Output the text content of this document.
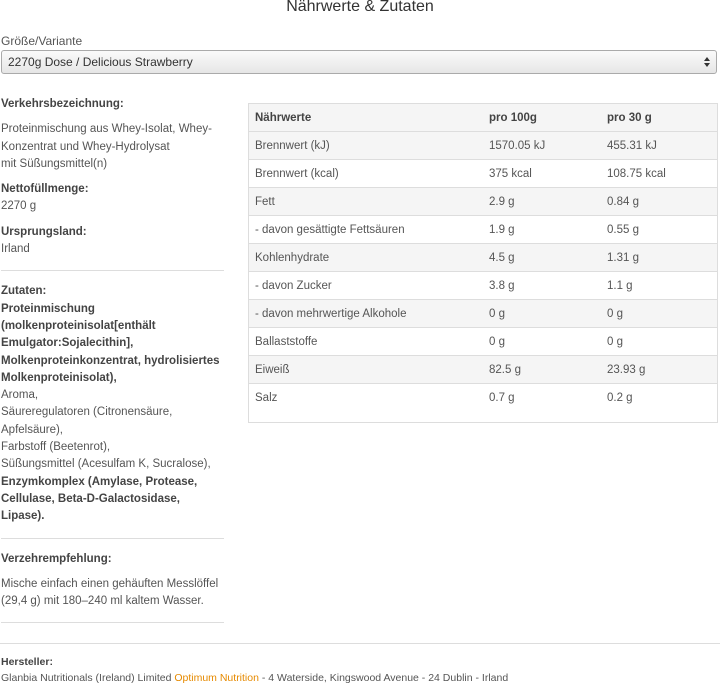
Nährwerte & Zutaten
Größe/Variante
2270g Dose / Delicious Strawberry
Verkehrsbezeichnung:
Proteinmischung aus Whey-Isolat, Whey-
Konzentrat und Whey-Hydrolysat
mit Süßungsmittel(n)
Nettofüllmenge:
2270 g
Ursprungsland:
Irland
Zutaten:
Proteinmischung
(molkenproteinisolat[enthält
Emulgator:Sojalecithin],
Molkenproteinkonzentrat, hydrolisiertes
Molkenproteinisolat),
Aroma,
Säureregulatoren (Citronensäure,
Apfelsäure),
Farbstoff (Beetenrot),
Süßungsmittel (Acesulfam K, Sucralose),
Enzymkomplex (Amylase, Protease,
Cellulase, Beta-D-Galactosidase, Lipase).
Verzehrempfehlung:
Mische einfach einen gehäuften Messlöffel
(29,4 g) mit 180–240 ml kaltem Wasser.
Nährwerte	pro 100g	pro 30 g
Brennwert (kJ)	1570.05 kJ	455.31 kJ
Brennwert (kcal)	375 kcal	108.75 kcal
Fett	2.9 g	0.84 g
- davon gesättigte Fettsäuren	1.9 g	0.55 g
Kohlenhydrate	4.5 g	1.31 g
- davon Zucker	3.8 g	1.1 g
- davon mehrwertige Alkohole	0 g	0 g
Ballaststoffe	0 g	0 g
Eiweiß	82.5 g	23.93 g
Salz	0.7 g	0.2 g
Hersteller:
Glanbia Nutritionals (Ireland) Limited Optimum Nutrition - 4 Waterside, Kingswood Avenue - 24 Dublin - Irland
